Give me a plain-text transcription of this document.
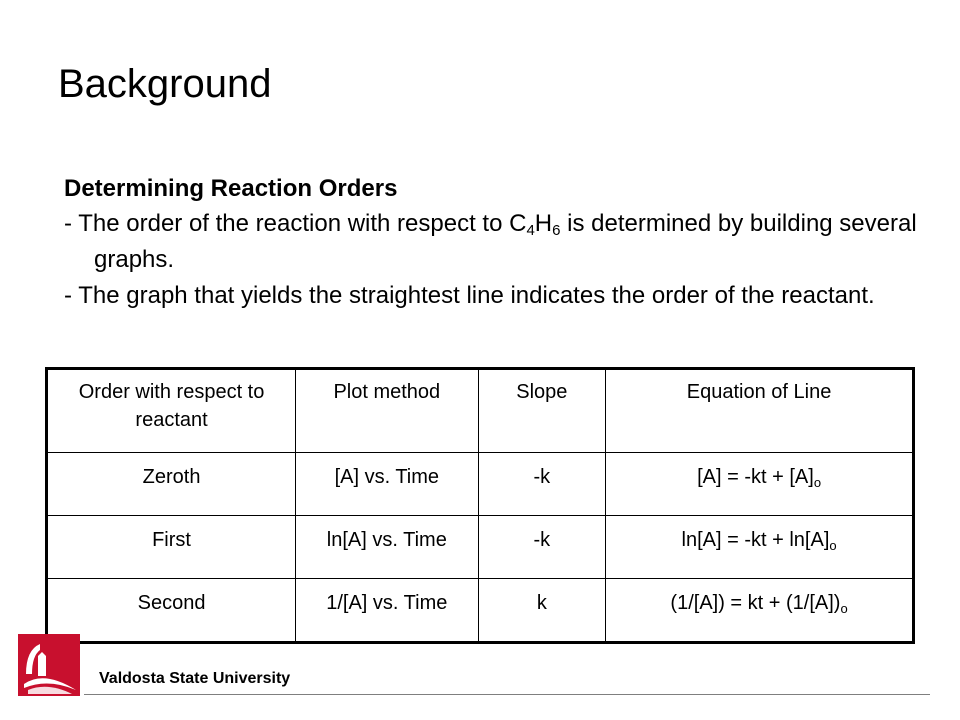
Background
Determining Reaction Orders
- The order of the reaction with respect to $C_4H_6$ is determined by building several graphs.
- The graph that yields the straightest line indicates the order of the reactant.
Order with respect to reactant	Plot method	Slope	Equation of Line
Zeroth	[A] vs. Time	-k	$[A] = -kt + [A]_o$
First	ln[A] vs. Time	-k	$\ln[A] = -kt + \ln[A]_o$
Second	1/[A] vs. Time	k	(1/[A]) = kt + $(1/[A])_o$
Valdosta State University
